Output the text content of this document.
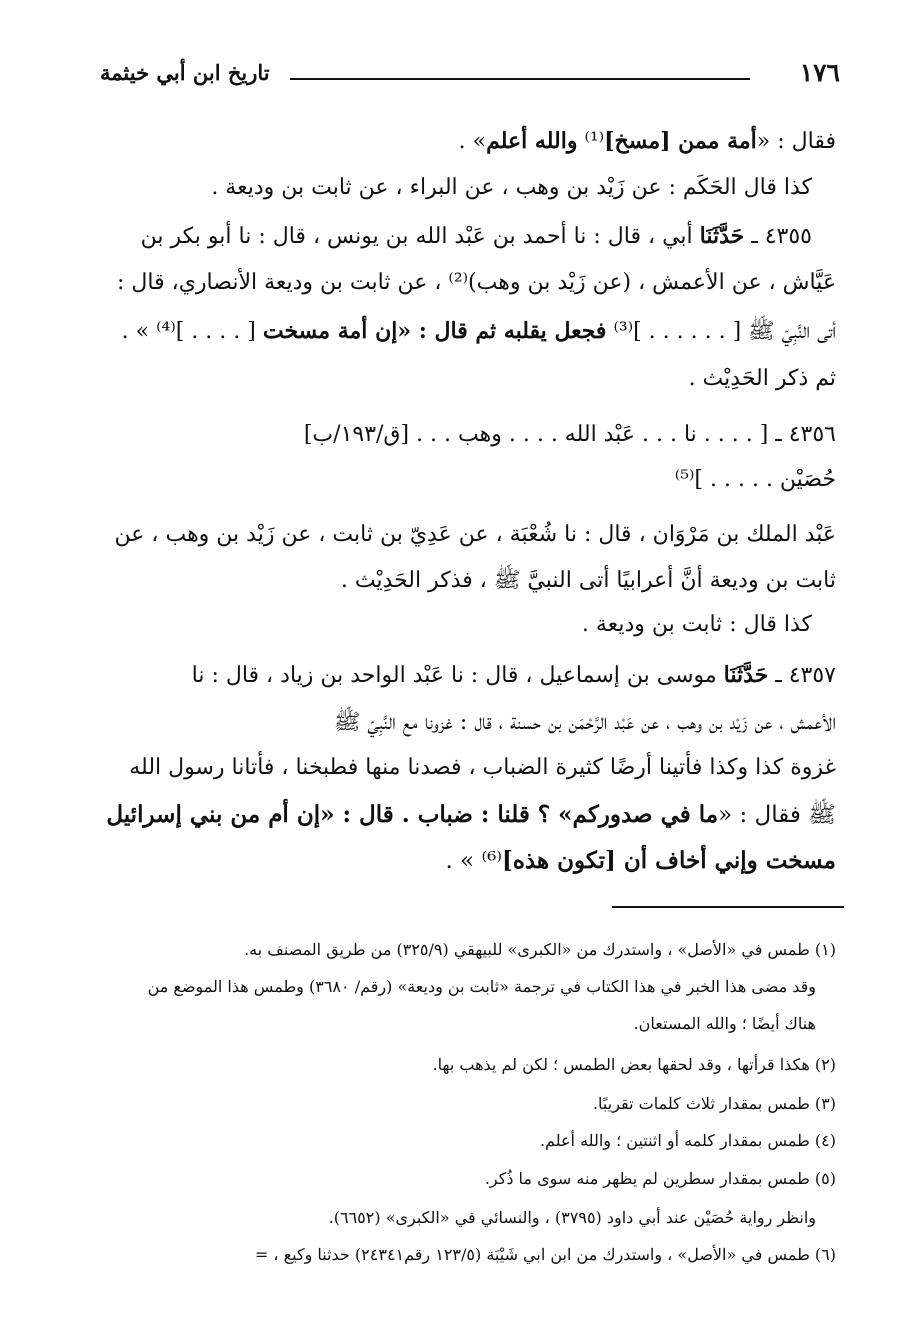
١٧٦
تاريخ ابن أبي خيثمة
فقال : «أمة ممن [مسخ]⁽¹⁾ والله أعلم» .
كذا قال الحَكَم : عن زَيْد بن وهب ، عن البراء ، عن ثابت بن وديعة .
٤٣٥٥ ـ حَدَّثَنَا أبي ، قال : نا أحمد بن عَبْد الله بن يونس ، قال : نا أبو بكر بن
عَيَّاش ، عن الأعمش ، (عن زَيْد بن وهب)⁽²⁾ ، عن ثابت بن وديعة الأنصاري، قال :
أتى النَّبِيّ ﷺ [ . . . . . . ]⁽³⁾ فجعل يقلبه ثم قال : «إن أمة مسخت [ . . . . ]⁽⁴⁾ » .
ثم ذكر الحَدِيْث .
٤٣٥٦ ـ [ . . . . نا . . . عَبْد الله . . . . وهب . . . [ق/١٩٣/ب]
حُصَيْن . . . . . ]⁽⁵⁾
عَبْد الملك بن مَرْوَان ، قال : نا شُعْبَة ، عن عَدِيّ بن ثابت ، عن زَيْد بن وهب ، عن
ثابت بن وديعة أنَّ أعرابيًا أتى النبيَّ ﷺ ، فذكر الحَدِيْث .
كذا قال : ثابت بن وديعة .
٤٣٥٧ ـ حَدَّثَنَا موسى بن إسماعيل ، قال : نا عَبْد الواحد بن زياد ، قال : نا
الأعمش ، عن زَيْد بن وهب ، عن عَبْد الرَّحْمَن بن حسنة ، قال : غزونا مع النَّبِيّ ﷺ
غزوة كذا وكذا فأتينا أرضًا كثيرة الضباب ، فصدنا منها فطبخنا ، فأتانا رسول الله
ﷺ فقال : «ما في صدوركم» ؟ قلنا : ضباب . قال : «إن أم من بني إسرائيل
مسخت وإني أخاف أن [تكون هذه]⁽⁶⁾ » .
(١) طمس في «الأصل» ، واستدرك من «الكبرى» للبيهقي (٣٢٥/٩) من طريق المصنف به.
وقد مضى هذا الخبر في هذا الكتاب في ترجمة «ثابت بن وديعة» (رقم/ ٣٦٨٠) وطمس هذا الموضع من
هناك أيضًا ؛ والله المستعان.
(٢) هكذا قرأتها ، وقد لحقها بعض الطمس ؛ لكن لم يذهب بها.
(٣) طمس بمقدار ثلاث كلمات تقريبًا.
(٤) طمس بمقدار كلمه أو اثنتين ؛ والله أعلم.
(٥) طمس بمقدار سطرين لم يظهر منه سوى ما ذُكر.
وانظر رواية حُصَيْن عند أبي داود (٣٧٩٥) ، والنسائي في «الكبرى» (٦٦٥٢).
(٦) طمس في «الأصل» ، واستدرك من ابن ابي شَيْبَة (١٢٣/٥ رقم٢٤٣٤١) حدثنا وكيع ، =
